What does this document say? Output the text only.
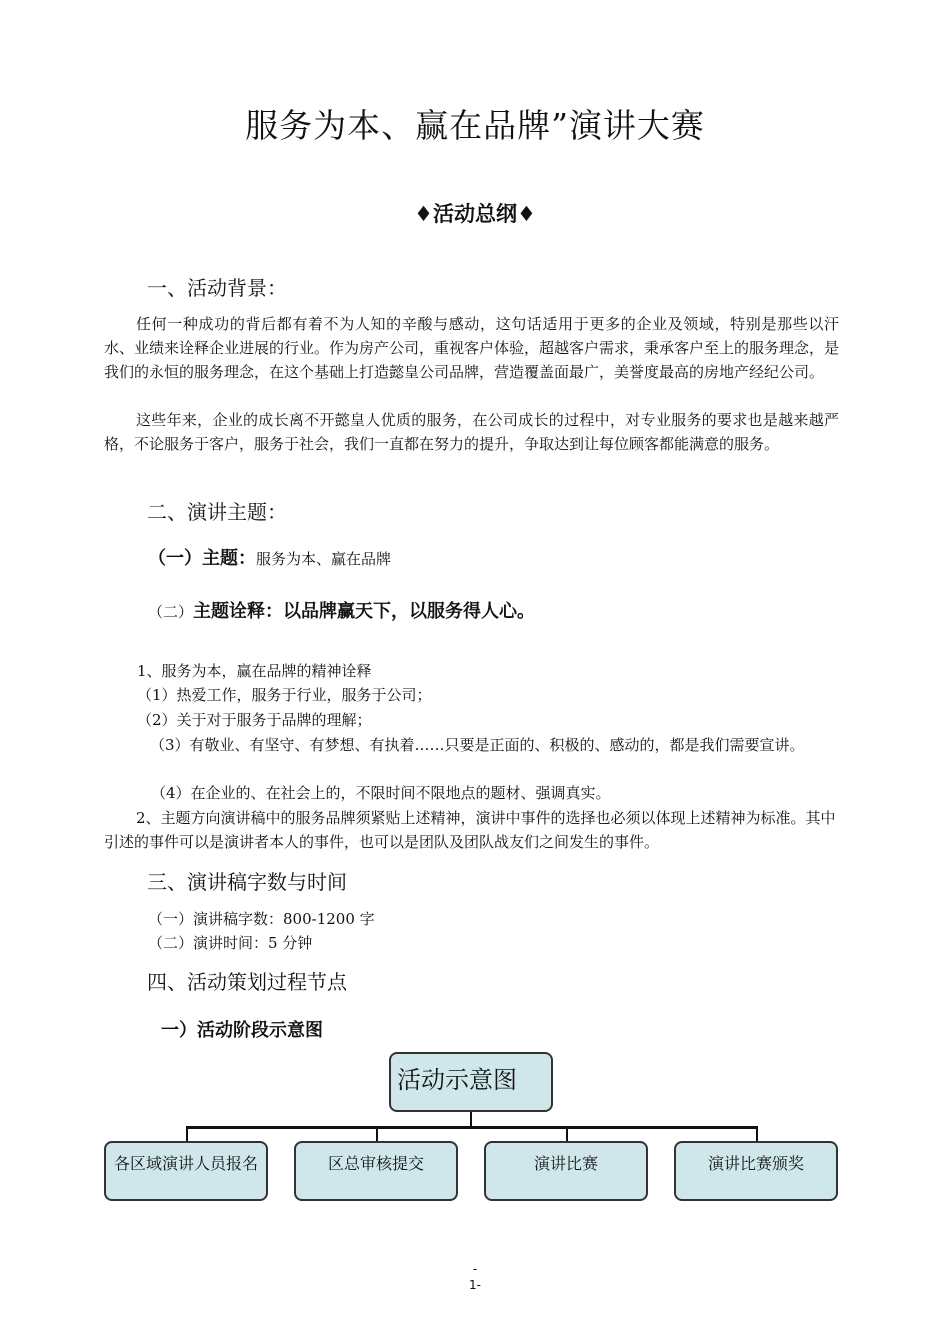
服务为本、赢在品牌”演讲大赛
♦活动总纲♦
一、活动背景：

任何一种成功的背后都有着不为人知的辛酸与感动，这句话适用于更多的企业及领域，特别是那些以汗水、业绩来诠释企业进展的行业。作为房产公司，重视客户体验，超越客户需求，秉承客户至上的服务理念，是我们的永恒的服务理念，在这个基础上打造懿皇公司品牌，营造覆盖面最广，美誉度最高的房地产经纪公司。

这些年来，企业的成长离不开懿皇人优质的服务，在公司成长的过程中，对专业服务的要求也是越来越严格，不论服务于客户，服务于社会，我们一直都在努力的提升，争取达到让每位顾客都能满意的服务。

二、演讲主题：
（一）主题：服务为本、赢在品牌
（二）主题诠释：以品牌赢天下，以服务得人心。
1、服务为本，赢在品牌的精神诠释
（1）热爱工作，服务于行业，服务于公司；
（2）关于对于服务于品牌的理解；

（3）有敬业、有坚守、有梦想、有执着……只要是正面的、积极的、感动的，都是我们需要宣讲。

（4）在企业的、在社会上的，不限时间不限地点的题材、强调真实。

2、主题方向演讲稿中的服务品牌须紧贴上述精神，演讲中事件的选择也必须以体现上述精神为标准。其中引述的事件可以是演讲者本人的事件，也可以是团队及团队战友们之间发生的事件。

三、演讲稿字数与时间
（一）演讲稿字数：800-1200 字
（二）演讲时间：5 分钟
四、活动策划过程节点
一）活动阶段示意图
活动示意图
各区域演讲人员报名	区总审核提交	演讲比赛	演讲比赛颁奖
-
1-
